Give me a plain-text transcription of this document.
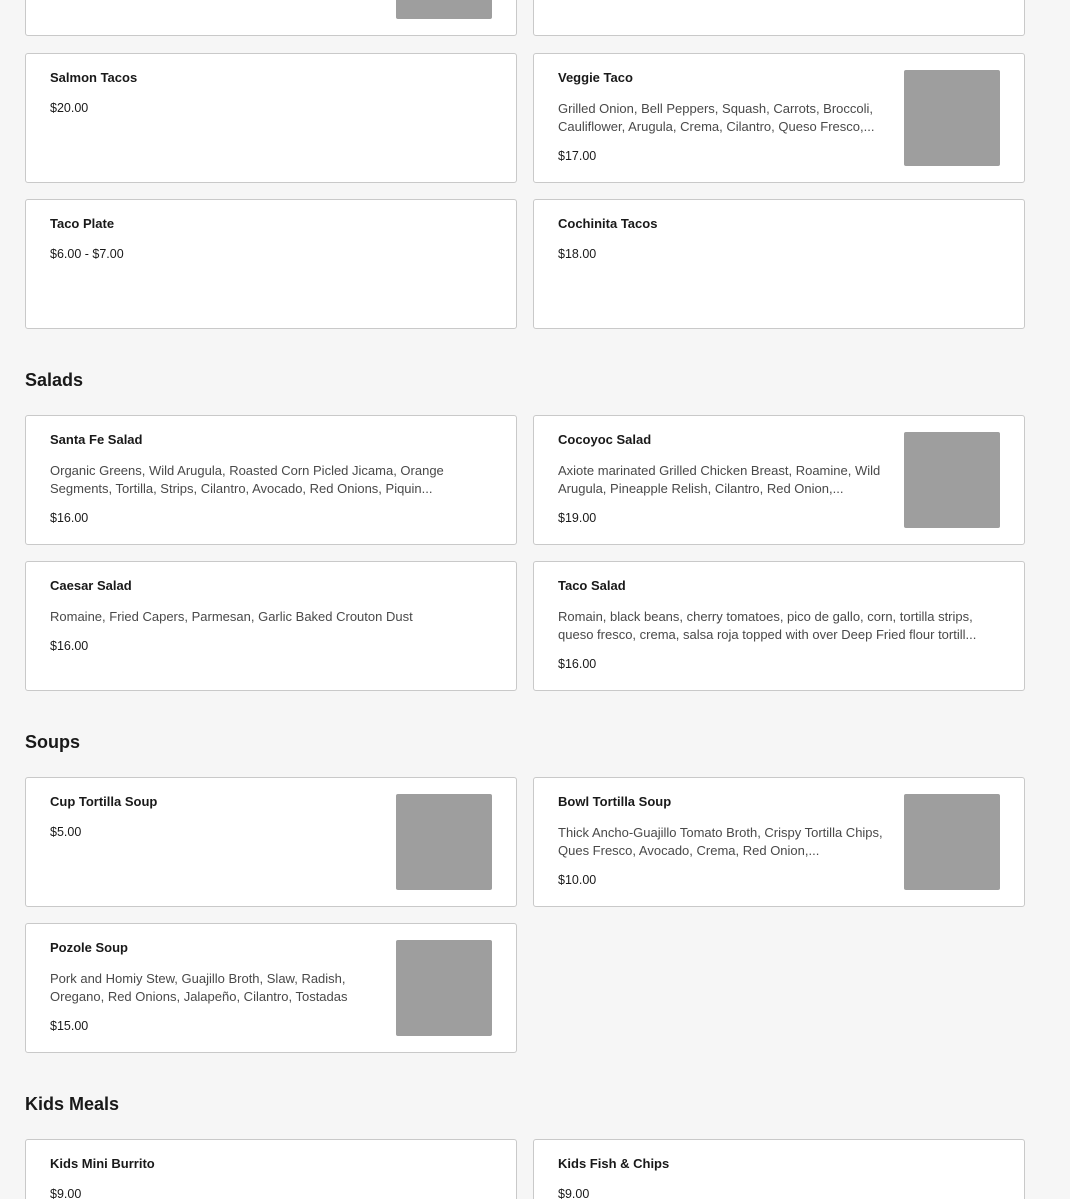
Salmon Tacos

$20.00

Veggie Taco

Grilled Onion, Bell Peppers, Squash, Carrots, Broccoli, Cauliflower, Arugula, Crema, Cilantro, Queso Fresco,...
$17.00

Taco Plate

$6.00 - $7.00

Cochinita Tacos

$18.00
Salads

Santa Fe Salad

Organic Greens, Wild Arugula, Roasted Corn Picled Jicama, Orange Segments, Tortilla, Strips, Cilantro, Avocado, Red Onions, Piquin...
$16.00

Cocoyoc Salad

Axiote marinated Grilled Chicken Breast, Roamine, Wild Arugula, Pineapple Relish, Cilantro, Red Onion,...
$19.00

Caesar Salad

Romaine, Fried Capers, Parmesan, Garlic Baked Crouton Dust
$16.00

Taco Salad

Romain, black beans, cherry tomatoes, pico de gallo, corn, tortilla strips, queso fresco, crema, salsa roja topped with over Deep Fried flour tortill...
$16.00
Soups

Cup Tortilla Soup

$5.00

Bowl Tortilla Soup

Thick Ancho-Guajillo Tomato Broth, Crispy Tortilla Chips, Ques Fresco, Avocado, Crema, Red Onion,...
$10.00

Pozole Soup

Pork and Homiy Stew, Guajillo Broth, Slaw, Radish, Oregano, Red Onions, Jalapeño, Cilantro, Tostadas
$15.00
Kids Meals

Kids Mini Burrito

$9.00

Kids Fish & Chips

$9.00
